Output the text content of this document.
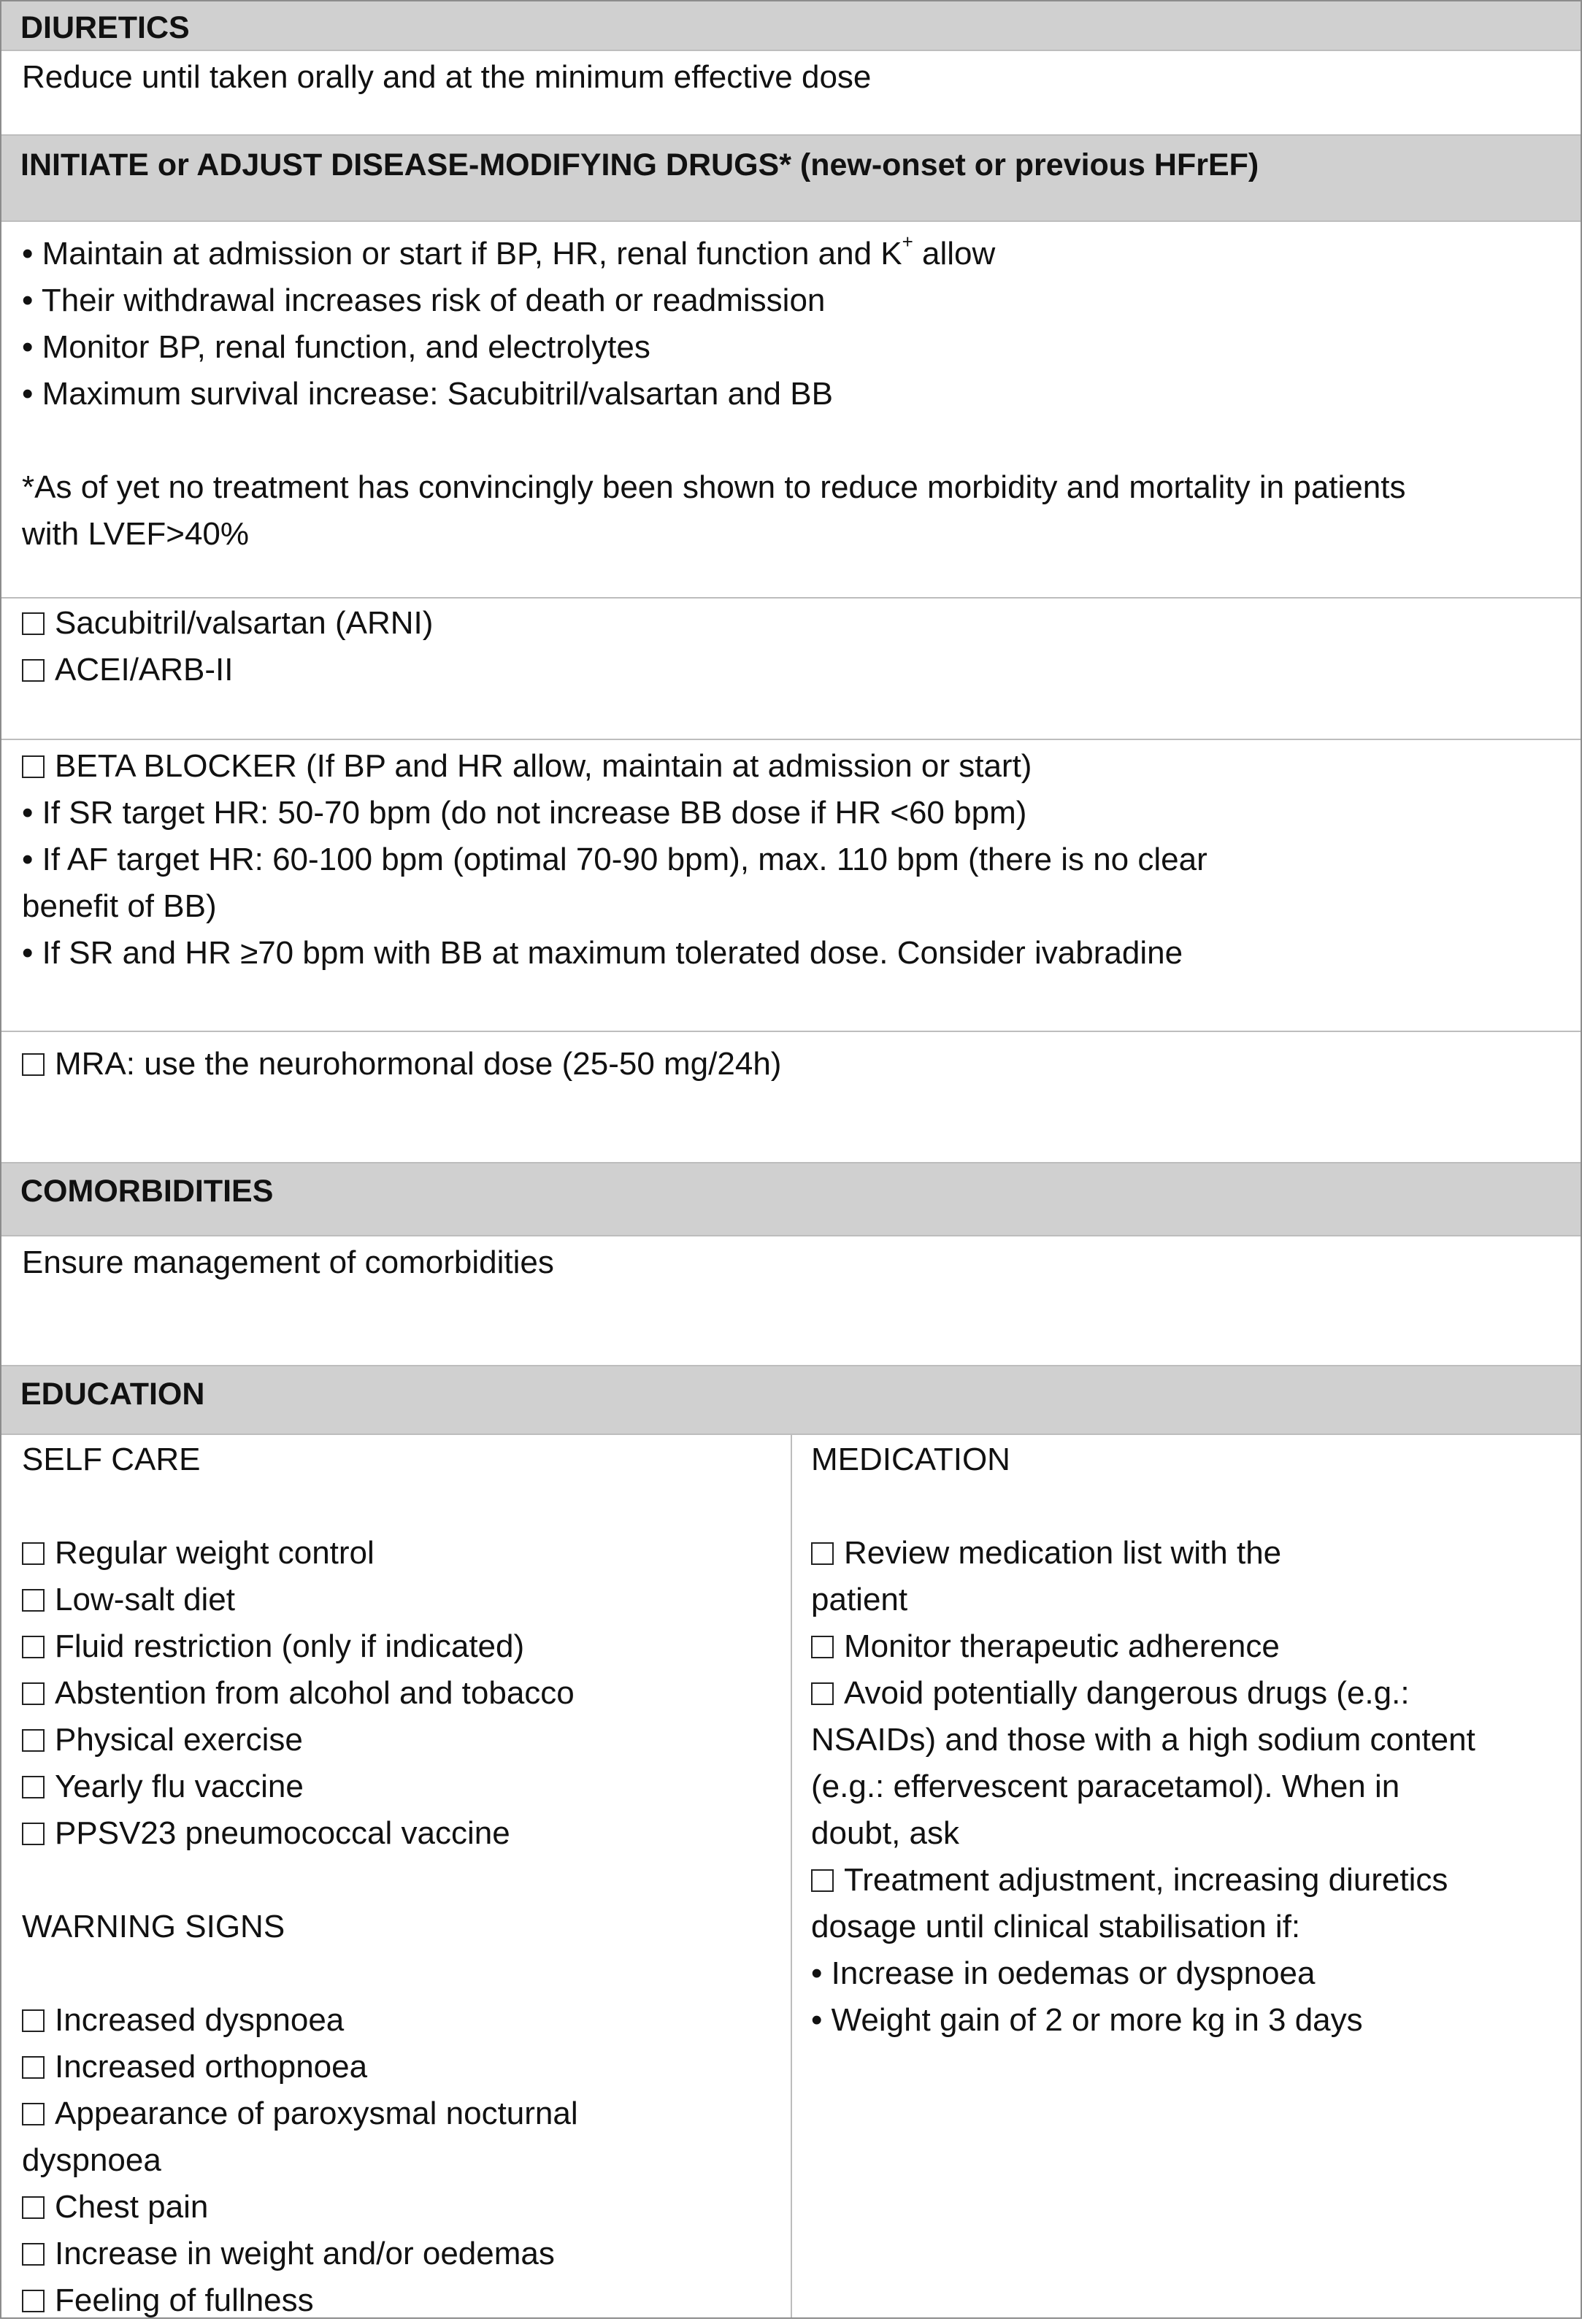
DIURETICS
Reduce until taken orally and at the minimum effective dose
INITIATE or ADJUST DISEASE-MODIFYING DRUGS* (new-onset or previous HFrEF)
• Maintain at admission or start if BP, HR, renal function and K+ allow
• Their withdrawal increases risk of death or readmission
• Monitor BP, renal function, and electrolytes
• Maximum survival increase: Sacubitril/valsartan and BB
*As of yet no treatment has convincingly been shown to reduce morbidity and mortality in patients with LVEF>40%
Sacubitril/valsartan (ARNI)
ACEI/ARB-II
BETA BLOCKER (If BP and HR allow, maintain at admission or start)
• If SR target HR: 50-70 bpm (do not increase BB dose if HR <60 bpm)
• If AF target HR: 60-100 bpm (optimal 70-90 bpm), max. 110 bpm (there is no clear
benefit of BB)
• If SR and HR ≥70 bpm with BB at maximum tolerated dose. Consider ivabradine
MRA: use the neurohormonal dose (25-50 mg/24h)
COMORBIDITIES
Ensure management of comorbidities
EDUCATION
SELF CARE
Regular weight control
Low-salt diet
Fluid restriction (only if indicated)
Abstention from alcohol and tobacco
Physical exercise
Yearly flu vaccine
PPSV23 pneumococcal vaccine
WARNING SIGNS
Increased dyspnoea
Increased orthopnoea
Appearance of paroxysmal nocturnal
dyspnoea
Chest pain
Increase in weight and/or oedemas
Feeling of fullness
MEDICATION
Review medication list with the
patient
Monitor therapeutic adherence
Avoid potentially dangerous drugs (e.g.:
NSAIDs) and those with a high sodium content
(e.g.: effervescent paracetamol). When in
doubt, ask
Treatment adjustment, increasing diuretics
dosage until clinical stabilisation if:
• Increase in oedemas or dyspnoea
• Weight gain of 2 or more kg in 3 days
